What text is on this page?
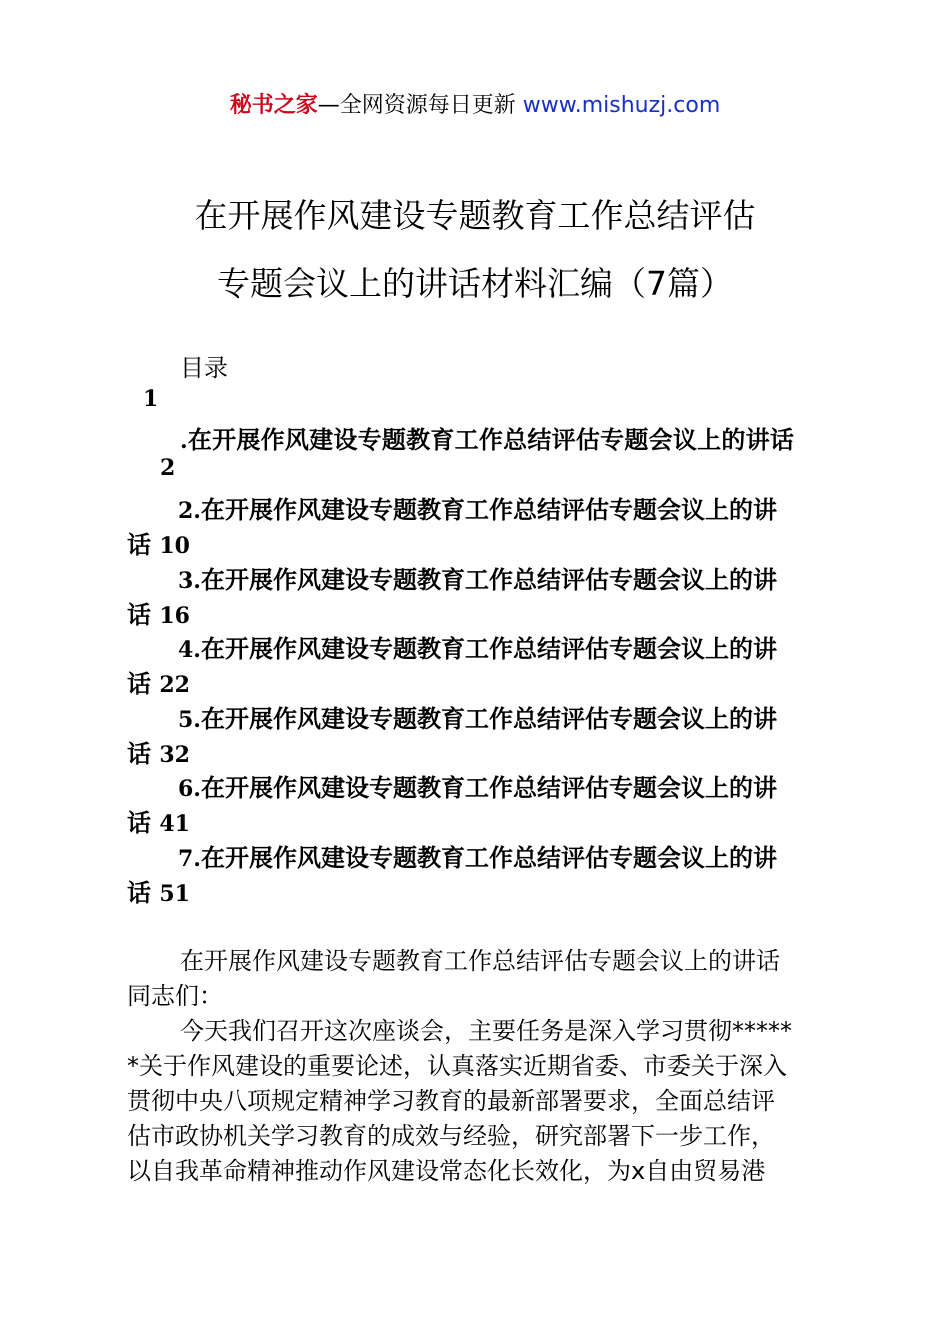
秘书之家—全网资源每日更新 www.mishuzj.com
在开展作风建设专题教育工作总结评估
专题会议上的讲话材料汇编（7篇）
目录
1
.在开展作风建设专题教育工作总结评估专题会议上的讲话
2
2.在开展作风建设专题教育工作总结评估专题会议上的讲
话 10
3.在开展作风建设专题教育工作总结评估专题会议上的讲
话 16
4.在开展作风建设专题教育工作总结评估专题会议上的讲
话 22
5.在开展作风建设专题教育工作总结评估专题会议上的讲
话 32
6.在开展作风建设专题教育工作总结评估专题会议上的讲
话 41
7.在开展作风建设专题教育工作总结评估专题会议上的讲
话 51
在开展作风建设专题教育工作总结评估专题会议上的讲话
同志们：
今天我们召开这次座谈会，主要任务是深入学习贯彻*****
*关于作风建设的重要论述，认真落实近期省委、市委关于深入
贯彻中央八项规定精神学习教育的最新部署要求，全面总结评
估市政协机关学习教育的成效与经验，研究部署下一步工作，
以自我革命精神推动作风建设常态化长效化，为x自由贸易港
